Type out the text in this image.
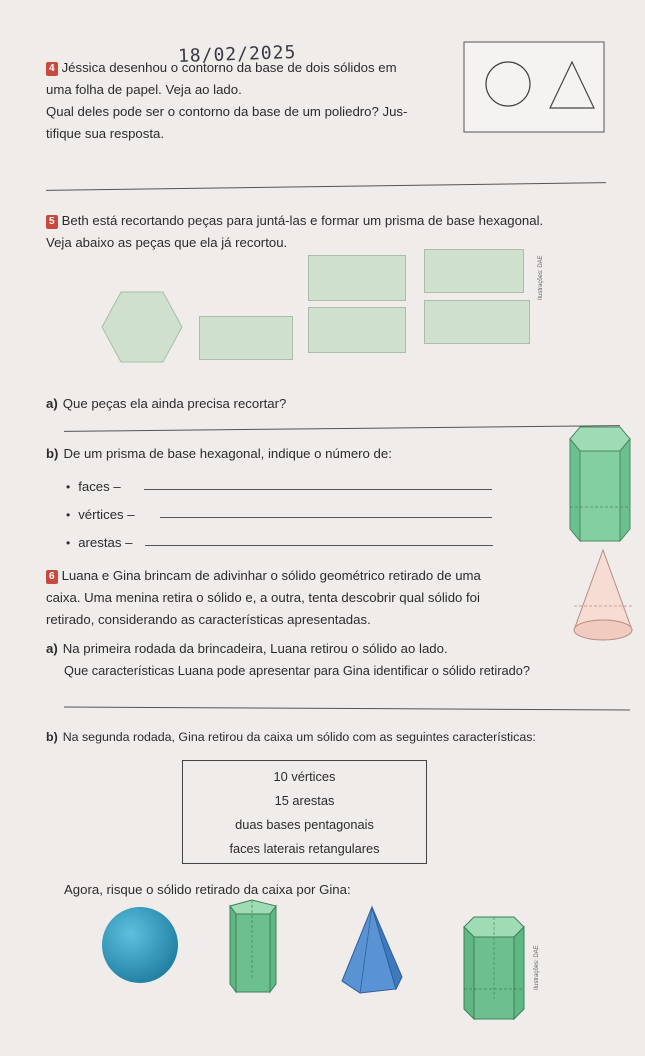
18/02/2025
4 Jéssica desenhou o contorno da base de dois sólidos em
uma folha de papel. Veja ao lado.
Qual deles pode ser o contorno da base de um poliedro? Jus-
tifique sua resposta.
5 Beth está recortando peças para juntá-las e formar um prisma de base hexagonal.
Veja abaixo as peças que ela já recortou.
Ilustrações: DAE
a) Que peças ela ainda precisa recortar?
b) De um prisma de base hexagonal, indique o número de:
• faces –
• vértices –
• arestas –
6 Luana e Gina brincam de adivinhar o sólido geométrico retirado de uma
caixa. Uma menina retira o sólido e, a outra, tenta descobrir qual sólido foi
retirado, considerando as características apresentadas.
a) Na primeira rodada da brincadeira, Luana retirou o sólido ao lado.
Que características Luana pode apresentar para Gina identificar o sólido retirado?
b) Na segunda rodada, Gina retirou da caixa um sólido com as seguintes características:
10 vértices
15 arestas
duas bases pentagonais
faces laterais retangulares
Agora, risque o sólido retirado da caixa por Gina:
Ilustrações: DAE
